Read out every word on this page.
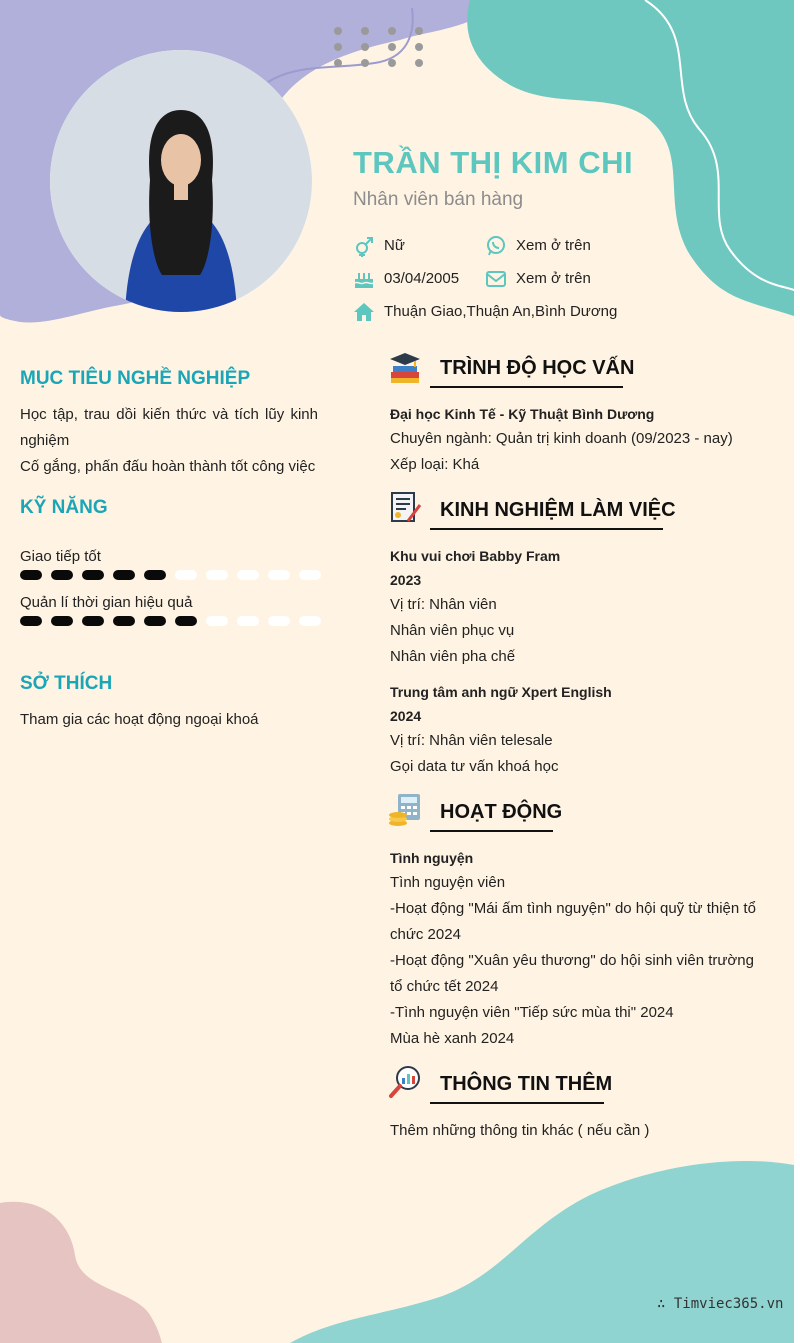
TRẦN THỊ KIM CHI
Nhân viên bán hàng
Nữ	Xem ở trên
03/04/2005	Xem ở trên
Thuận Giao,Thuận An,Bình Dương
MỤC TIÊU NGHỀ NGHIỆP
Học tập, trau dồi kiến thức và tích lũy kinh nghiệm
Cố gắng, phấn đấu hoàn thành tốt công việc
KỸ NĂNG
Giao tiếp tốt
Quản lí thời gian hiệu quả
SỞ THÍCH
Tham gia các hoạt động ngoại khoá
TRÌNH ĐỘ HỌC VẤN
Đại học Kinh Tế - Kỹ Thuật Bình Dương
Chuyên ngành: Quản trị kinh doanh (09/2023 - nay)
Xếp loại: Khá
KINH NGHIỆM LÀM VIỆC
Khu vui chơi Babby Fram
2023
Vị trí: Nhân viên
Nhân viên phục vụ
Nhân viên pha chế
Trung tâm anh ngữ Xpert English
2024
Vị trí: Nhân viên telesale
Gọi data tư vấn khoá học
HOẠT ĐỘNG
Tình nguyện
Tình nguyện viên
-Hoạt động "Mái ấm tình nguyện" do hội quỹ từ thiện tổ chức 2024
-Hoạt động "Xuân yêu thương" do hội sinh viên trường tổ chức tết 2024
-Tình nguyện viên "Tiếp sức mùa thi" 2024
Mùa hè xanh 2024
THÔNG TIN THÊM
Thêm những thông tin khác ( nếu cần )
∴ Timviec365.vn
